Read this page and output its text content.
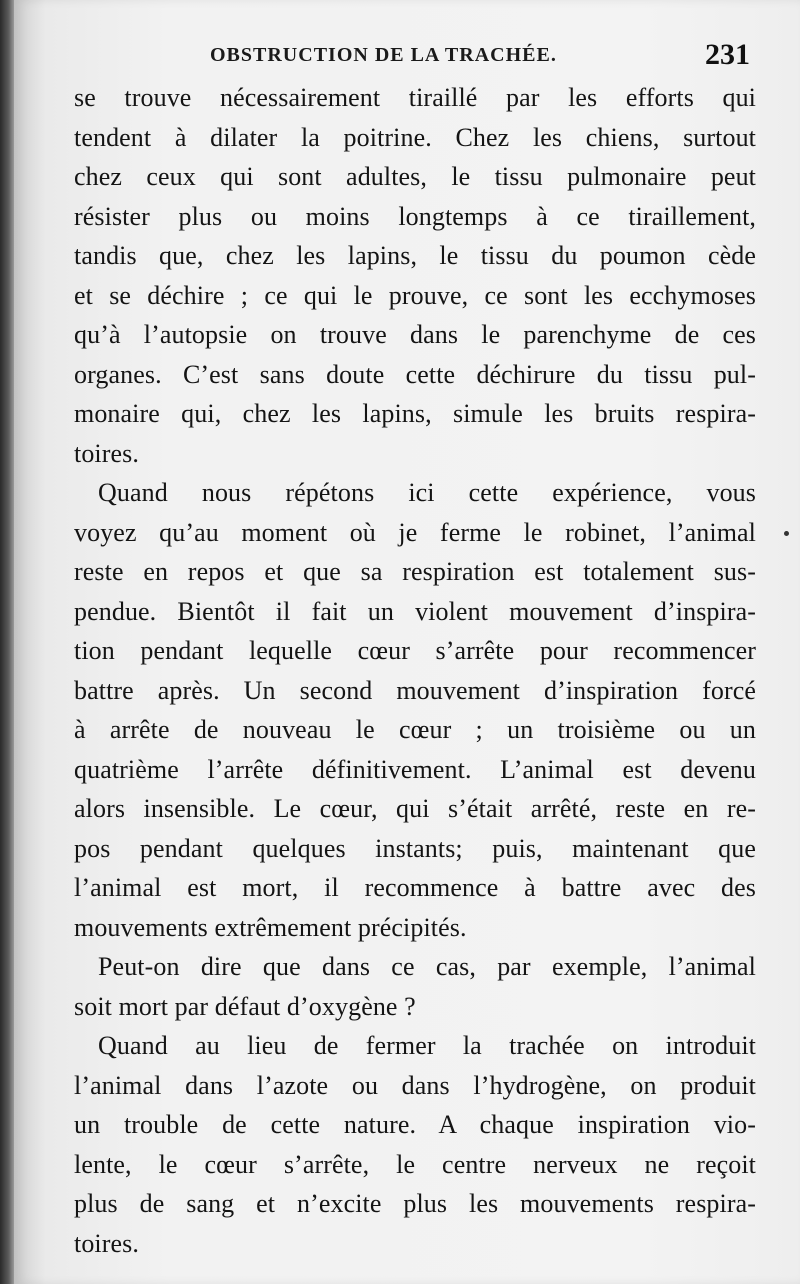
OBSTRUCTION DE LA TRACHÉE.	231
se trouve nécessairement tiraillé par les efforts qui
tendent à dilater la poitrine. Chez les chiens, surtout
chez ceux qui sont adultes, le tissu pulmonaire peut
résister plus ou moins longtemps à ce tiraillement,
tandis que, chez les lapins, le tissu du poumon cède
et se déchire ; ce qui le prouve, ce sont les ecchymoses
qu’à l’autopsie on trouve dans le parenchyme de ces
organes. C’est sans doute cette déchirure du tissu pul-
monaire qui, chez les lapins, simule les bruits respira-
toires.
Quand nous répétons ici cette expérience, vous
voyez qu’au moment où je ferme le robinet, l’animal
reste en repos et que sa respiration est totalement sus-
pendue. Bientôt il fait un violent mouvement d’inspira-
tion pendant lequelle cœur s’arrête pour recommencer
battre après. Un second mouvement d’inspiration forcé
à arrête de nouveau le cœur ; un troisième ou un
quatrième l’arrête définitivement. L’animal est devenu
alors insensible. Le cœur, qui s’était arrêté, reste en re-
pos pendant quelques instants; puis, maintenant que
l’animal est mort, il recommence à battre avec des
mouvements extrêmement précipités.
Peut-on dire que dans ce cas, par exemple, l’animal
soit mort par défaut d’oxygène ?
Quand au lieu de fermer la trachée on introduit
l’animal dans l’azote ou dans l’hydrogène, on produit
un trouble de cette nature. A chaque inspiration vio-
lente, le cœur s’arrête, le centre nerveux ne reçoit
plus de sang et n’excite plus les mouvements respira-
toires.
